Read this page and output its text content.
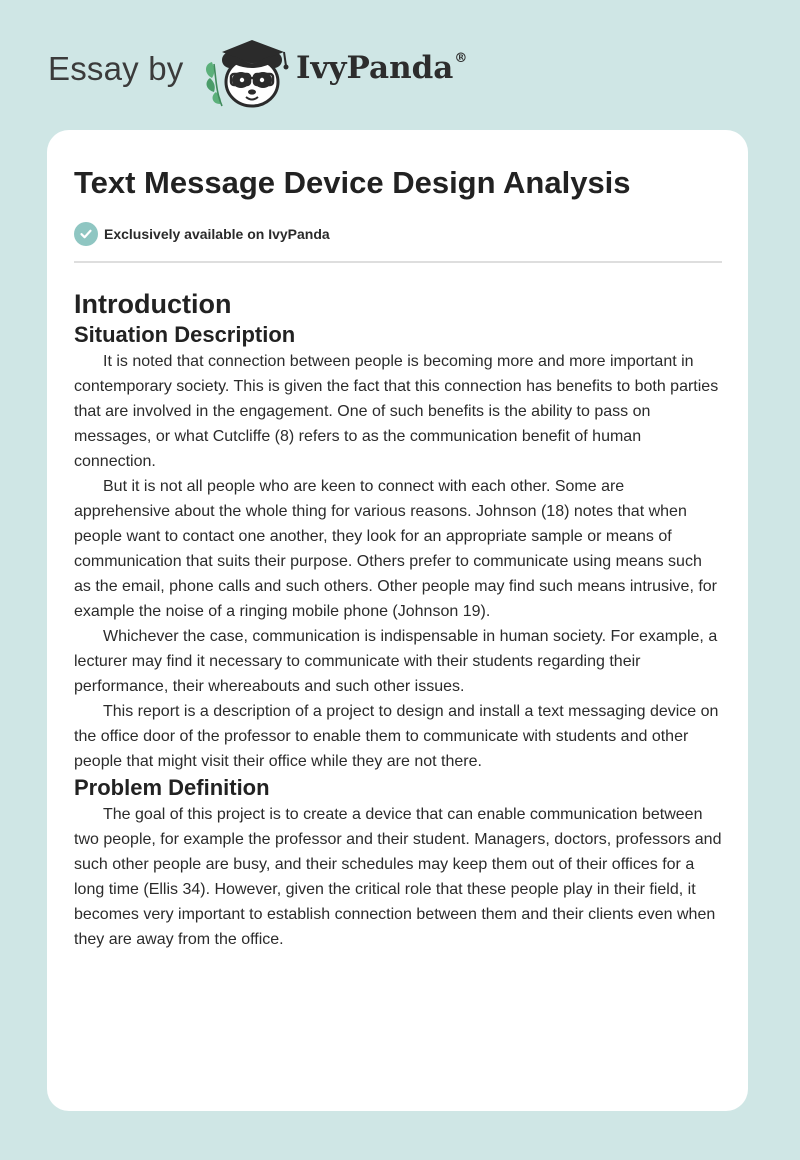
Essay by	IvyPanda®
Text Message Device Design Analysis
Exclusively available on IvyPanda
Introduction
Situation Description

It is noted that connection between people is becoming more and more important in contemporary society. This is given the fact that this connection has benefits to both parties that are involved in the engagement. One of such benefits is the ability to pass on messages, or what Cutcliffe (8) refers to as the communication benefit of human connection.

But it is not all people who are keen to connect with each other. Some are apprehensive about the whole thing for various reasons. Johnson (18) notes that when people want to contact one another, they look for an appropriate sample or means of communication that suits their purpose. Others prefer to communicate using means such as the email, phone calls and such others. Other people may find such means intrusive, for example the noise of a ringing mobile phone (Johnson 19).

Whichever the case, communication is indispensable in human society. For example, a lecturer may find it necessary to communicate with their students regarding their performance, their whereabouts and such other issues.

This report is a description of a project to design and install a text messaging device on the office door of the professor to enable them to communicate with students and other people that might visit their office while they are not there.

Problem Definition

The goal of this project is to create a device that can enable communication between two people, for example the professor and their student. Managers, doctors, professors and such other people are busy, and their schedules may keep them out of their offices for a long time (Ellis 34). However, given the critical role that these people play in their field, it becomes very important to establish connection between them and their clients even when they are away from the office.
